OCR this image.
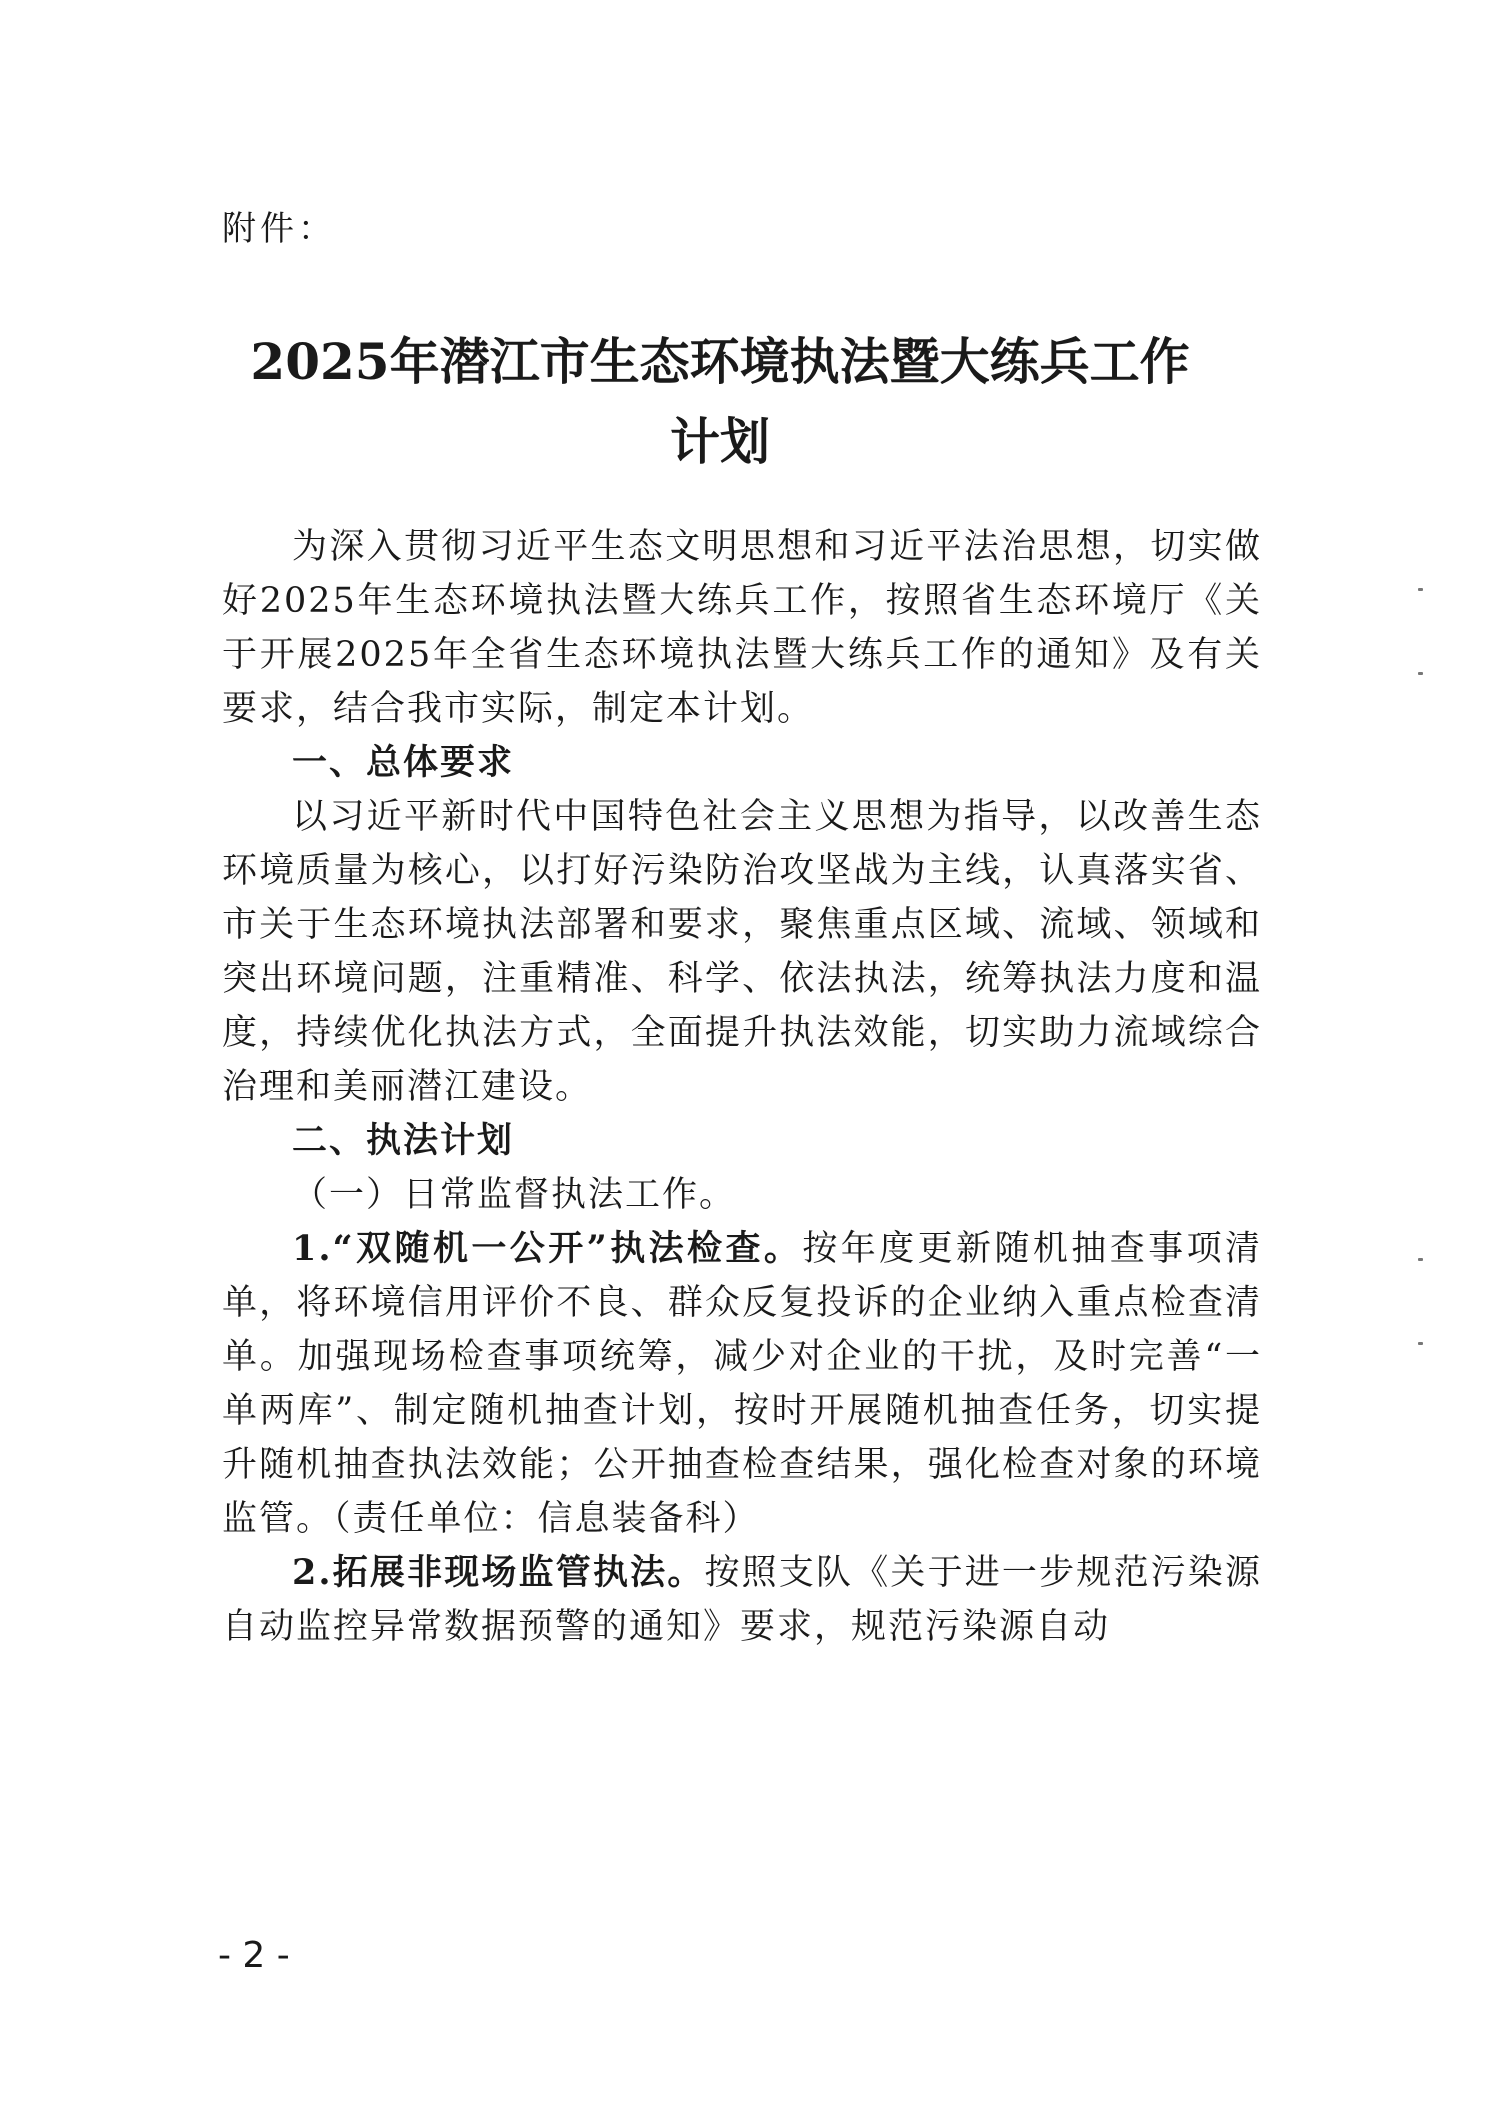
附件：
2025年潜江市生态环境执法暨大练兵工作
计划

为深入贯彻习近平生态文明思想和习近平法治思想，切实做好2025年生态环境执法暨大练兵工作，按照省生态环境厅《关于开展2025年全省生态环境执法暨大练兵工作的通知》及有关要求，结合我市实际，制定本计划。

一、总体要求

以习近平新时代中国特色社会主义思想为指导，以改善生态环境质量为核心，以打好污染防治攻坚战为主线，认真落实省、市关于生态环境执法部署和要求，聚焦重点区域、流域、领域和突出环境问题，注重精准、科学、依法执法，统筹执法力度和温度，持续优化执法方式，全面提升执法效能，切实助力流域综合治理和美丽潜江建设。

二、执法计划

（一）日常监督执法工作。

1.“双随机一公开”执法检查。按年度更新随机抽查事项清单，将环境信用评价不良、群众反复投诉的企业纳入重点检查清单。加强现场检查事项统筹，减少对企业的干扰，及时完善“一单两库”、制定随机抽查计划，按时开展随机抽查任务，切实提升随机抽查执法效能；公开抽查检查结果，强化检查对象的环境监管。（责任单位：信息装备科）

2.拓展非现场监管执法。按照支队《关于进一步规范污染源自动监控异常数据预警的通知》要求，规范污染源自动

- 2 -
